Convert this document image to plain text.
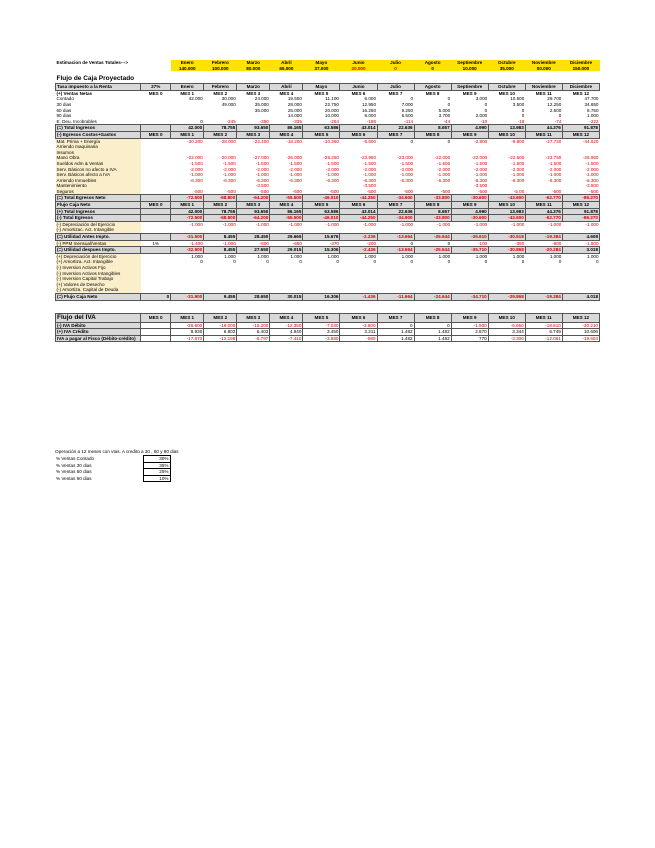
Estimacion de Ventas Totales--->		Enero	Febrero	Marzo	Abril	Mayo	Junio	Julio	Agosto	Septiembre	Octubre	Noviembre	Diciembre
		140.000	100.000	80.000	65.000	37.000	20.000	0	0	10.000	35.000	00.000	150.000

Flujo de Caja Proyectado													
Tasa impuesto a la Renta	27%	Enero	Febrero	Marzo	Abril	Mayo	Junio	Julio	Agosto	Septiembre	Octubre	Noviembre	Diciembre
(+) Ventas Netas	MES 0	MES 1	MES 2	MES 3	MES 4	MES 5	MES 6	MES 7	MES 8	MES 9	MES 10	MES 11	MES 12
Contado		42.000	30.000	24.000	19.500	11.100	6.000	0	0	3.000	10.500	29.700	47.700
30 dias			49.000	35.000	28.000	22.750	12.950	7.000	0	0	3.500	12.250	34.650
60 dias				35.000	25.000	20.000	16.250	9.250	5.000	0	0	2.500	8.750
90 dias					14.000	10.000	8.000	6.500	3.700	2.000	0	0	1.000
E. Deu. Incobrables		0	-245	-350	-335	-264	-186	-114	-44	-10	-18	-74	-222
(=) Total Ingresos		42.000	78.755	93.650	86.165	63.586	43.014	22.636	8.657	4.990	13.983	44.376	91.878
(-) Egresos Costos+Gastos	MES 0	MES 1	MES 2	MES 3	MES 4	MES 5	MES 6	MES 7	MES 8	MES 9	MES 10	MES 11	MES 12
Mat. Prima + Energía		-30.200	-28.000	-22.400	-18.200	-10.360	-5.600	0	0	-2.800	-9.800	-27.720	-44.520
Arriendo maquinaria													
Insumos													
Mano Obra		-22.000	-20.000	-27.000	-26.000	-25.250	-23.950	-23.000	-22.000	-22.000	-22.500	-23.750	-26.950
Sueldos Adm & Ventas		-1.500	-1.500	-1.500	-1.500	-1.500	-1.500	-1.500	-1.500	-1.500	-1.500	-1.500	-1.500
Serv. Básicos no afecto a IVA		-2.000	-2.000	-2.000	-2.000	-2.000	-2.000	-2.000	-2.000	-2.000	-2.000	-2.000	-2.000
Serv. Básicos afecto a IVA		-1.000	-1.000	-1.000	-1.000	-1.000	-1.000	-1.000	-1.000	-1.000	-1.000	-1.000	-1.000
Arriendo Inmuebles		-6.300	-6.300	-6.300	-6.300	-6.300	-6.300	-6.300	-6.300	-6.300	-6.300	-6.300	-6.300
Mantenimiento				-3.500			-3.500			-3.500			-3.500
Seguros		-500	-500	-500	-500	-500	-500	-500	-500	-500	-5.00	-500	-500
(=) Total Egresos Neto		-72.500	-68.800	-64.200	-55.500	-46.010	-44.250	-34.900	-33.800	-30.600	-43.600	-62.770	-86.270
Flujo Caja Neto	MES 0	MES 1	MES 2	MES 3	MES 4	MES 5	MES 6	MES 7	MES 8	MES 9	MES 10	MES 11	MES 12
(+) Total Ingresos		42.000	78.755	93.650	86.165	63.586	43.014	22.636	8.657	4.990	13.983	44.376	91.878
(-) Total Egresos		-72.500	-68.800	-64.200	-55.500	-46.010	-44.250	-34.900	-33.800	-30.600	-43.600	-62.770	-86.270
(-) Depreciación del Ejercicio		-1.000	-1.000	-1.000	-1.000	-1.000	-1.000	-1.000	-1.000	-1.000	-1.000	-1.000	-1.000
(-) Amortizac. Act. Intangible													
(=) Utilidad Antes Impto.		-31.500	8.455	28.450	29.665	15.676	-2.236	-13.664	-25.644	-35.610	-30.518	-19.384	4.608
(-) PPM mensual/Ventas	1%	-1.400	-1.000	-800	-650	-370	-200	0	0	-100	-350	-900	-1.500
(=) Utilidad despues Impto.		-32.900	8.455	27.650	29.015	15.306	-2.436	-13.664	-25.644	-35.710	-30.868	-20.284	3.018
(+) Depreciación del Ejercicio		1.000	1.000	1.000	1.000	1.000	1.000	1.000	1.000	1.000	1.000	1.000	1.000
(+) Amortiza. Act. Intangible		0	0	0	0	0	0	0	0	0	0	0	0
(-) Inversion Activos Fijo													
(-) Inversion Activos Intangibles													
(-) Inversion Capital Trabajo													
(+) Valores de Desecho													
(-) Amortiza. Capital de Deuda													
(=) Flujo Caja Neto	0	-31.900	9.455	28.650	30.015	16.306	-1.436	-11.664	-24.644	-34.710	-29.868	-19.384	4.018

Flujo del IVA	MES 0	MES 1	MES 2	MES 3	MES 4	MES 5	MES 6	MES 7	MES 8	MES 9	MES 10	MES 11	MES 12
(-) IVA Débito		-26.600	-19.000	-15.200	-12.350	-7.030	-3.800	0	0	-1.900	-6.650	-18.810	-30.210
(+) IVA Crédito		8.930	6.802	6.403	4.940	3.450	3.211	1.482	1.482	2.670	3.344	6.749	10.606
IVA a pagar al Fisco (Débito-crédito)		-17.670	-12.198	-8.797	-7.410	-3.580	-589	1.482	1.482	770	-3.306	-12.061	-19.604
Operación a 12 meses con vtas. A credito a 30 , 60 y 90 dias
% Ventas Contado	30%
% Ventas 30 dias	35%
% Ventas 60 dias	25%
% Ventas 90 dias	10%
